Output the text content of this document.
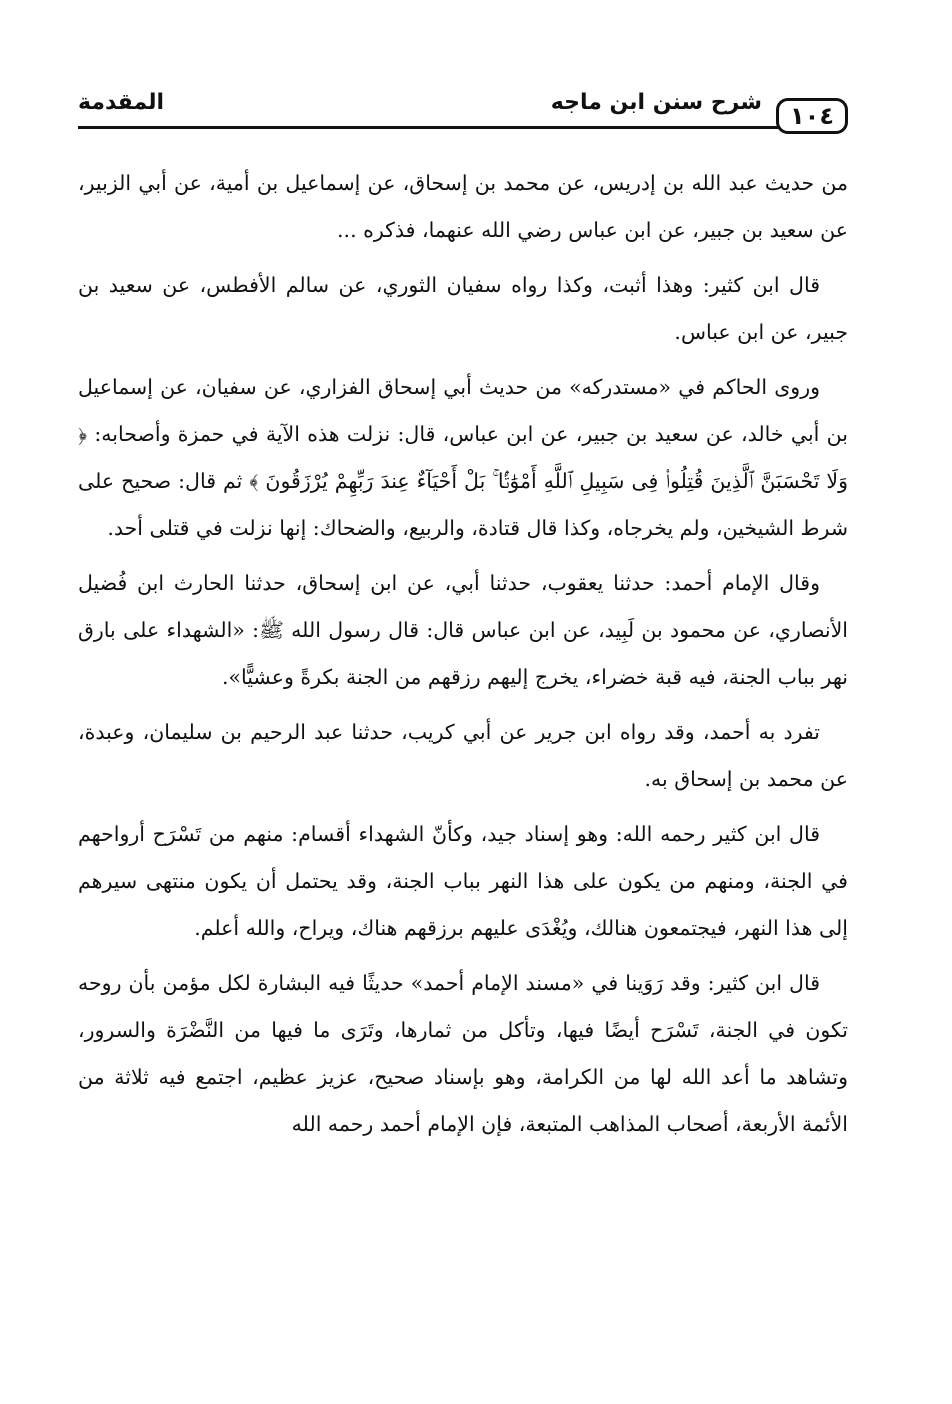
١٠٤
شرح سنن ابن ماجه
المقدمة

من حديث عبد الله بن إدريس، عن محمد بن إسحاق، عن إسماعيل بن أمية، عن أبي الزبير، عن سعيد بن جبير، عن ابن عباس رضي الله عنهما، فذكره ...

قال ابن كثير: وهذا أثبت، وكذا رواه سفيان الثوري، عن سالم الأفطس، عن سعيد بن جبير، عن ابن عباس.

وروى الحاكم في «مستدركه» من حديث أبي إسحاق الفزاري، عن سفيان، عن إسماعيل بن أبي خالد، عن سعيد بن جبير، عن ابن عباس، قال: نزلت هذه الآية في حمزة وأصحابه: ﴿ وَلَا تَحْسَبَنَّ ٱلَّذِينَ قُتِلُوا۟ فِى سَبِيلِ ٱللَّهِ أَمْوَٰتًۢا ۚ بَلْ أَحْيَآءٌ عِندَ رَبِّهِمْ يُرْزَقُونَ ﴾ ثم قال: صحيح على شرط الشيخين، ولم يخرجاه، وكذا قال قتادة، والربيع، والضحاك: إنها نزلت في قتلى أحد.

وقال الإمام أحمد: حدثنا يعقوب، حدثنا أبي، عن ابن إسحاق، حدثنا الحارث ابن فُضيل الأنصاري، عن محمود بن لَبِيد، عن ابن عباس قال: قال رسول الله ﷺ: «الشهداء على بارق نهر بباب الجنة، فيه قبة خضراء، يخرج إليهم رزقهم من الجنة بكرةً وعشيًّا».

تفرد به أحمد، وقد رواه ابن جرير عن أبي كريب، حدثنا عبد الرحيم بن سليمان، وعبدة، عن محمد بن إسحاق به.

قال ابن كثير رحمه الله: وهو إسناد جيد، وكأنّ الشهداء أقسام: منهم من تَسْرَح أرواحهم في الجنة، ومنهم من يكون على هذا النهر بباب الجنة، وقد يحتمل أن يكون منتهى سيرهم إلى هذا النهر، فيجتمعون هنالك، ويُغْدَى عليهم برزقهم هناك، ويراح، والله أعلم.

قال ابن كثير: وقد رَوَينا في «مسند الإمام أحمد» حديثًا فيه البشارة لكل مؤمن بأن روحه تكون في الجنة، تَسْرَح أيضًا فيها، وتأكل من ثمارها، وتَرَى ما فيها من النَّضْرَة والسرور، وتشاهد ما أعد الله لها من الكرامة، وهو بإسناد صحيح، عزيز عظيم، اجتمع فيه ثلاثة من الأئمة الأربعة، أصحاب المذاهب المتبعة، فإن الإمام أحمد رحمه الله
